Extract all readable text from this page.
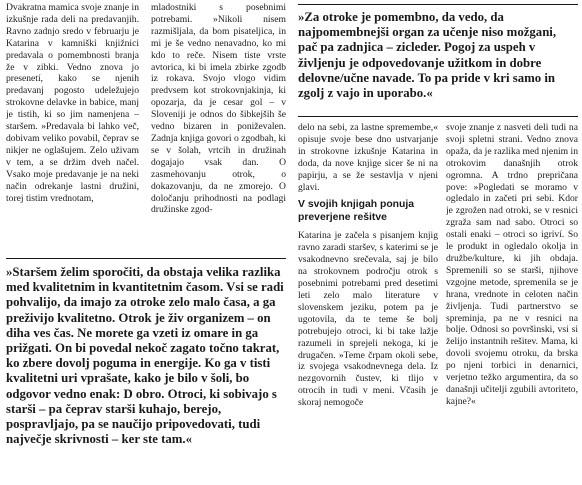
Dvakratna mamica svoje znanje in izkušnje rada deli na predavanjih. Ravno zadnjo sredo v februarju je Katarina v kamniški knjižnici predavala o pomembnosti branja že v zibki. Vedno znova jo presenetí, kako se njenih predavanj pogosto udeležujejo strokovne delavke in babice, manj je tistih, ki so jim namenjena – staršem. »Predavala bi lahko več, dobivam veliko povabil, čeprav se nikjer ne oglašujem. Zelo uživam v tem, a se držim dveh načel. Vsako moje predavanje je na neki način odrekanje lastni družini, torej tistim vrednotam,

mladostniki s posebnimi potrebami. »Nikoli nisem razmišljala, da bom pisateljica, in mi je še vedno nenavadno, ko mi kdo to reče. Nisem tiste vrste avtorica, ki bi imela zbirke zgodb iz rokava. Svojo vlogo vidim predvsem kot strokovnjakinja, ki opozarja, da je cesar gol – v Sloveniji je odnos do šibkejših še vedno bizaren in poniževalen. Zadnja knjiga govori o zgodbah, ki se v šolah, vrtcih in družinah dogajajo vsak dan. O zasmehovanju otrok, o dokazovanju, da ne zmorejo. O določanju prihodnosti na podlagi družinske zgod-

»Za otroke je pomembno, da vedo, da najpomembnejši organ za učenje niso možgani, pač pa zadnjica – zicleder. Pogoj za uspeh v življenju je odpovedovanje užitkom in dobre delovne/učne navade. To pa pride v kri samo in zgolj z vajo in uporabo.«

delo na sebi, za lastne spremembe,« opisuje svoje bese dno ustvarjanje in strokovne izkušnje Katarina in doda, da nove knjige sicer še ni na papirju, a se že sestavlja v njeni glavi.

V svojih knjigah ponuja preverjene rešitve

Katarina je začela s pisanjem knjig ravno zaradi staršev, s katerimi se je vsakodnevno srečevala, saj je bilo na strokovnem področju otrok s posebnimi potrebami pred desetimi leti zelo malo literature v slovenskem jeziku, potem pa je ugotovila, da te teme še bolj potrebujejo otroci, ki bi take lažje razumeli in sprejeli nekoga, ki je drugačen. »Teme črpam okoli sebe, iz svojega vsakodnevnega dela. Iz nezgovornih čustev, ki tlijo v otrocih in tudi v meni. Včasih je skoraj nemogoče

svoje znanje z nasveti deli tudi na svoji spletni strani. Vedno znova opaža, da je razlika med njenim in otrokovim današnjih otrok ogromna. A trdno prepričana pove: »Pogledati se moramo v ogledalo in začeti pri sebi. Kdor je zgrožen nad otroki, se v resnici zgraža sam nad sabo. Otroci so ostali enaki – otroci so igriví. So le produkt in ogledalo okolja in družbe/kulture, ki jih obdaja. Spremenili so se starši, njihove vzgojne metode, spremenila se je hrana, vrednote in celoten način življenja. Tudi partnerstvo se spreminja, pa ne v resnici na bolje. Odnosi so površinski, vsi si želijo instantnih rešitev. Mama, ki dovoli svojemu otroku, da brska po njeni torbici in denarnici, verjetno težko argumentira, da so današnji učitelji zgubili avtoriteto, kajne?«

»Staršem želim sporočiti, da obstaja velika razlika med kvalitetnim in kvantitetnim časom. Vsi se radi pohvalijo, da imajo za otroke zelo malo časa, a ga preživijo kvalitetno. Otrok je živ organizem – on diha ves čas. Ne morete ga vzeti iz omare in ga prižgati. On bi povedal nekoč zagato točno takrat, ko zbere dovolj poguma in energije. Ko ga v tisti kvalitetni uri vprašate, kako je bilo v šoli, bo odgovor vedno enak: D obro. Otroci, ki sobivajo s starši – pa čeprav starši kuhajo, berejo, pospravljajo, pa se naučijo pripovedovati, tudi največje skrivnosti – ker ste tam.«
